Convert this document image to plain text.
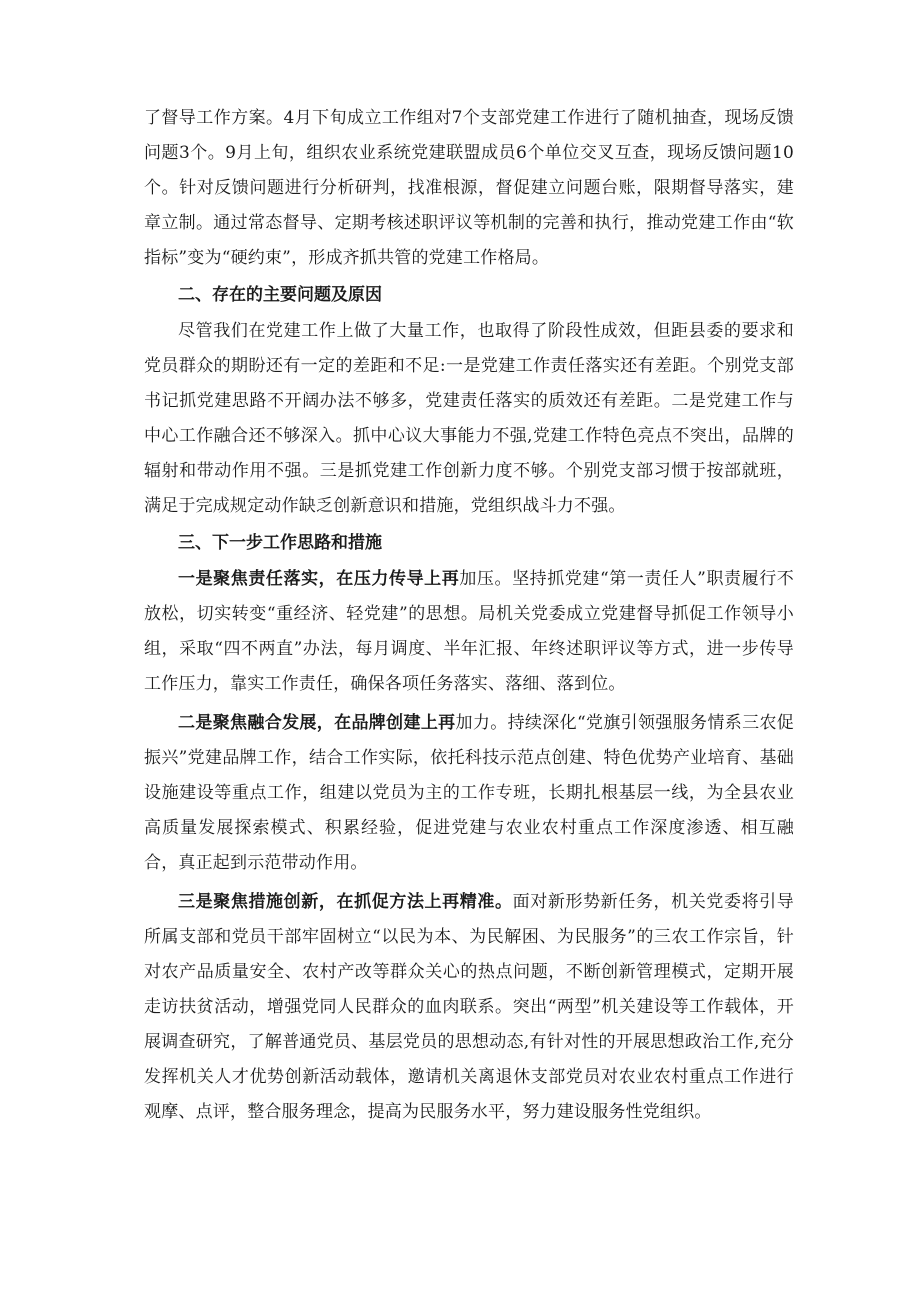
了督导工作方案。4月下旬成立工作组对7个支部党建工作进行了随机抽查，现场反馈问题3个。9月上旬，组织农业系统党建联盟成员6个单位交叉互查，现场反馈问题10个。针对反馈问题进行分析研判，找准根源，督促建立问题台账，限期督导落实，建章立制。通过常态督导、定期考核述职评议等机制的完善和执行，推动党建工作由“软指标”变为“硬约束”，形成齐抓共管的党建工作格局。

二、存在的主要问题及原因

尽管我们在党建工作上做了大量工作，也取得了阶段性成效，但距县委的要求和党员群众的期盼还有一定的差距和不足:一是党建工作责任落实还有差距。个别党支部书记抓党建思路不开阔办法不够多，党建责任落实的质效还有差距。二是党建工作与中心工作融合还不够深入。抓中心议大事能力不强,党建工作特色亮点不突出，品牌的辐射和带动作用不强。三是抓党建工作创新力度不够。个别党支部习惯于按部就班，满足于完成规定动作缺乏创新意识和措施，党组织战斗力不强。

三、下一步工作思路和措施

一是聚焦责任落实，在压力传导上再加压。坚持抓党建“第一责任人”职责履行不放松，切实转变“重经济、轻党建”的思想。局机关党委成立党建督导抓促工作领导小组，采取“四不两直”办法，每月调度、半年汇报、年终述职评议等方式，进一步传导工作压力，靠实工作责任，确保各项任务落实、落细、落到位。

二是聚焦融合发展，在品牌创建上再加力。持续深化“党旗引领强服务情系三农促振兴”党建品牌工作，结合工作实际，依托科技示范点创建、特色优势产业培育、基础设施建设等重点工作，组建以党员为主的工作专班，长期扎根基层一线，为全县农业高质量发展探索模式、积累经验，促进党建与农业农村重点工作深度渗透、相互融合，真正起到示范带动作用。

三是聚焦措施创新，在抓促方法上再精准。面对新形势新任务，机关党委将引导所属支部和党员干部牢固树立“以民为本、为民解困、为民服务”的三农工作宗旨，针对农产品质量安全、农村产改等群众关心的热点问题，不断创新管理模式，定期开展走访扶贫活动，增强党同人民群众的血肉联系。突出“两型”机关建设等工作载体，开展调查研究，了解普通党员、基层党员的思想动态,有针对性的开展思想政治工作,充分发挥机关人才优势创新活动载体，邀请机关离退休支部党员对农业农村重点工作进行观摩、点评，整合服务理念，提高为民服务水平，努力建设服务性党组织。
